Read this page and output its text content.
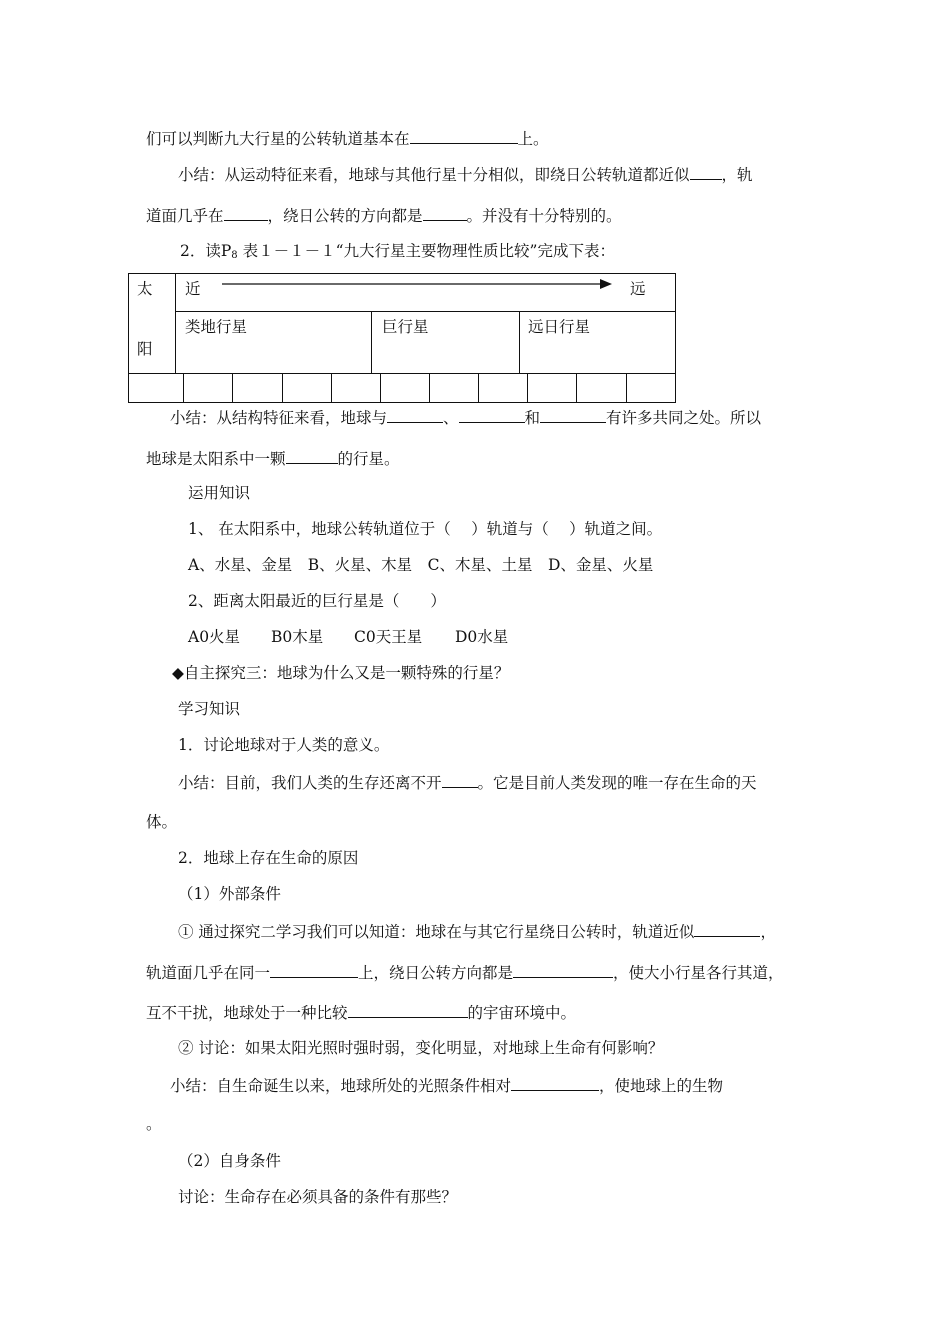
们可以判断九大行星的公转轨道基本在	上。
小结：从运动特征来看，地球与其他行星十分相似，即绕日公转轨道都近似 ，轨
道面几乎在	，绕日公转的方向都是	。并没有十分特别的。
2．读$P_8$ 表１－１－１“九大行星主要物理性质比较”完成下表：
太
阳
近	远
类地行星	巨行星	远日行星
小结：从结构特征来看，地球与	、	和	有许多共同之处。所以
地球是太阳系中一颗	的行星。
运用知识
1、 在太阳系中，地球公转轨道位于（　 ）轨道与（　 ）轨道之间。
A、水星、金星　B、火星、木星　C、木星、土星　D、金星、火星
2、距离太阳最近的巨行星是（　　）
A0火星 B0木星 C0天王星 D0水星
◆自主探究三：地球为什么又是一颗特殊的行星？
学习知识
1．讨论地球对于人类的意义。
小结：目前，我们人类的生存还离不开 。它是目前人类发现的唯一存在生命的天
体。
2．地球上存在生命的原因
（1）外部条件
① 通过探究二学习我们可以知道：地球在与其它行星绕日公转时，轨道近似	，
轨道面几乎在同一	上，绕日公转方向都是	，使大小行星各行其道，
互不干扰，地球处于一种比较	的宇宙环境中。
② 讨论：如果太阳光照时强时弱，变化明显，对地球上生命有何影响？
小结：自生命诞生以来，地球所处的光照条件相对	，使地球上的生物
。
（2）自身条件
讨论：生命存在必须具备的条件有那些？
